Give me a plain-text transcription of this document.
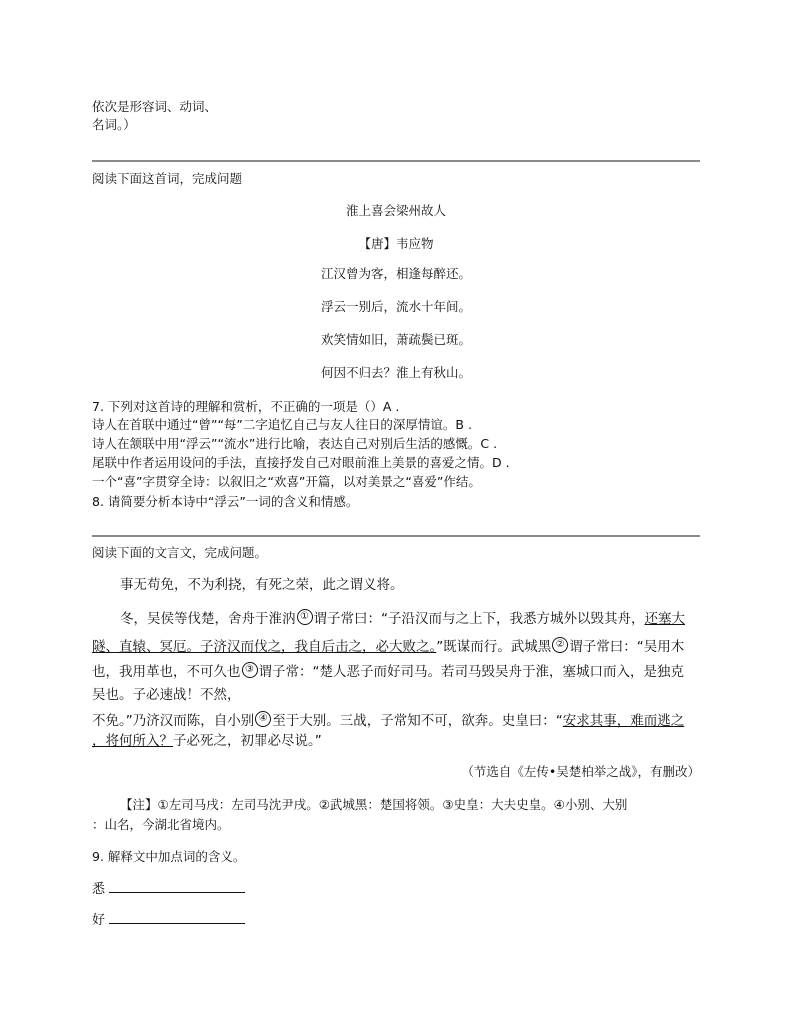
依次是形容词、动词、
名词。）
阅读下面这首词，完成问题
淮上喜会梁州故人
【唐】韦应物
江汉曾为客，相逢每醉还。
浮云一别后，流水十年间。
欢笑情如旧，萧疏鬓已斑。
何因不归去？淮上有秋山。
7. 下列对这首诗的理解和赏析，不正确的一项是（）A .
诗人在首联中通过“曾”“每”二字追忆自己与友人往日的深厚情谊。B .
诗人在颔联中用“浮云”“流水”进行比喻，表达自己对别后生活的感慨。C .
尾联中作者运用设问的手法，直接抒发自己对眼前淮上美景的喜爱之情。D .
一个“喜”字贯穿全诗：以叙旧之“欢喜”开篇，以对美景之“喜爱”作结。
8. 请简要分析本诗中“浮云”一词的含义和情感。
阅读下面的文言文，完成问题。
事无苟免，不为利挠，有死之荣，此之谓义将。
冬，吴侯等伐楚，舍舟于淮汭 ① 谓子常曰：“子沿汉而与之上下，我悉方城外以毁其舟，还塞大
隧、直辕、冥厄。子济汉而伐之，我自后击之，必大败之。”既谋而行。武城黑 ② 谓子常曰：“吴用木
也，我用革也，不可久也 ③ 谓子常：“楚人恶子而好司马。若司马毁吴舟于淮，塞城口而入，是独克
吴也。子必速战！不然，
不免。”乃济汉而陈，自小别 ④ 至于大别。三战，子常知不可，欲奔。史皇曰：“安求其事，难而逃之
，将何所入？子必死之，初罪必尽说。”
（节选自《左传•吴楚柏举之战》，有删改）
【注】①左司马戌：左司马沈尹戌。②武城黑：楚国将领。③史皇：大夫史皇。④小别、大别
：山名，今湖北省境内。
9. 解释文中加点词的含义。
悉
好
